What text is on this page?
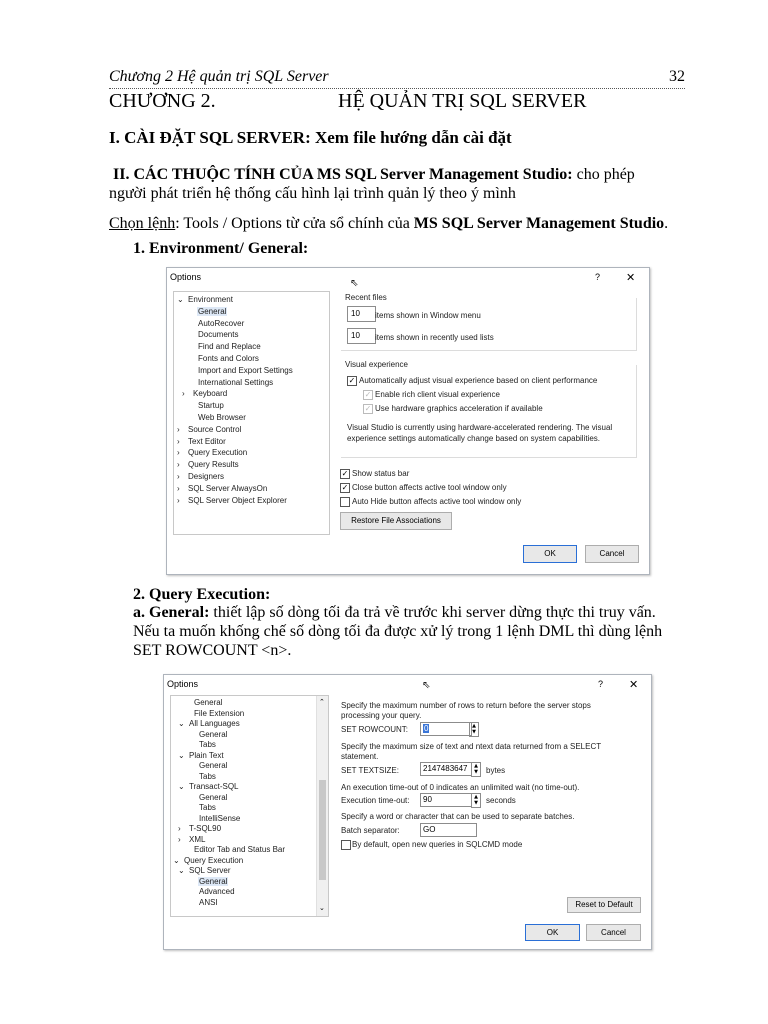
Chương 2 Hệ quản trị SQL Server	32
CHƯƠNG 2.	HỆ QUẢN TRỊ SQL SERVER
I. CÀI ĐẶT SQL SERVER: Xem file hướng dẫn cài đặt
II. CÁC THUỘC TÍNH CỦA MS SQL Server Management Studio: cho phép
người phát triển hệ thống cấu hình lại trình quản lý theo ý mình
Chọn lệnh: Tools / Options từ cửa sổ chính của MS SQL Server Management Studio.
1. Environment/ General:
Options	? ✕
⇖
⌄ Environment
General
AutoRecover
Documents
Find and Replace
Fonts and Colors
Import and Export Settings
International Settings
› Keyboard
Startup
Web Browser
› Source Control
› Text Editor
› Query Execution
› Query Results
› Designers
› SQL Server AlwaysOn
› SQL Server Object Explorer
Recent files
10	items shown in Window menu
10	items shown in recently used lists
Visual experience
✓ Automatically adjust visual experience based on client performance
✓ Enable rich client visual experience
✓ Use hardware graphics acceleration if available
Visual Studio is currently using hardware-accelerated rendering. The visual
experience settings automatically change based on system capabilities.
✓ Show status bar
✓ Close button affects active tool window only
Auto Hide button affects active tool window only
Restore File Associations
OK	Cancel
2. Query Execution:
a. General: thiết lập số dòng tối đa trả về trước khi server dừng thực thi truy vấn.
Nếu ta muốn khống chế số dòng tối đa được xử lý trong 1 lệnh DML thì dùng lệnh
SET ROWCOUNT <n>.
Options	? ✕
⇖
General
File Extension
⌄ All Languages
General
Tabs
⌄ Plain Text
General
Tabs
⌄ Transact-SQL
General
Tabs
IntelliSense
› T-SQL90
› XML
Editor Tab and Status Bar
⌄ Query Execution
⌄ SQL Server
General
Advanced
ANSI
⌃
⌄
Specify the maximum number of rows to return before the server stops
processing your query.
SET ROWCOUNT:	0	▲
▼
Specify the maximum size of text and ntext data returned from a SELECT
statement.
SET TEXTSIZE:	2147483647	▲
▼	bytes
An execution time-out of 0 indicates an unlimited wait (no time-out).
Execution time-out:	90	▲
▼	seconds
Specify a word or character that can be used to separate batches.
Batch separator:	GO
By default, open new queries in SQLCMD mode
Reset to Default
OK	Cancel
